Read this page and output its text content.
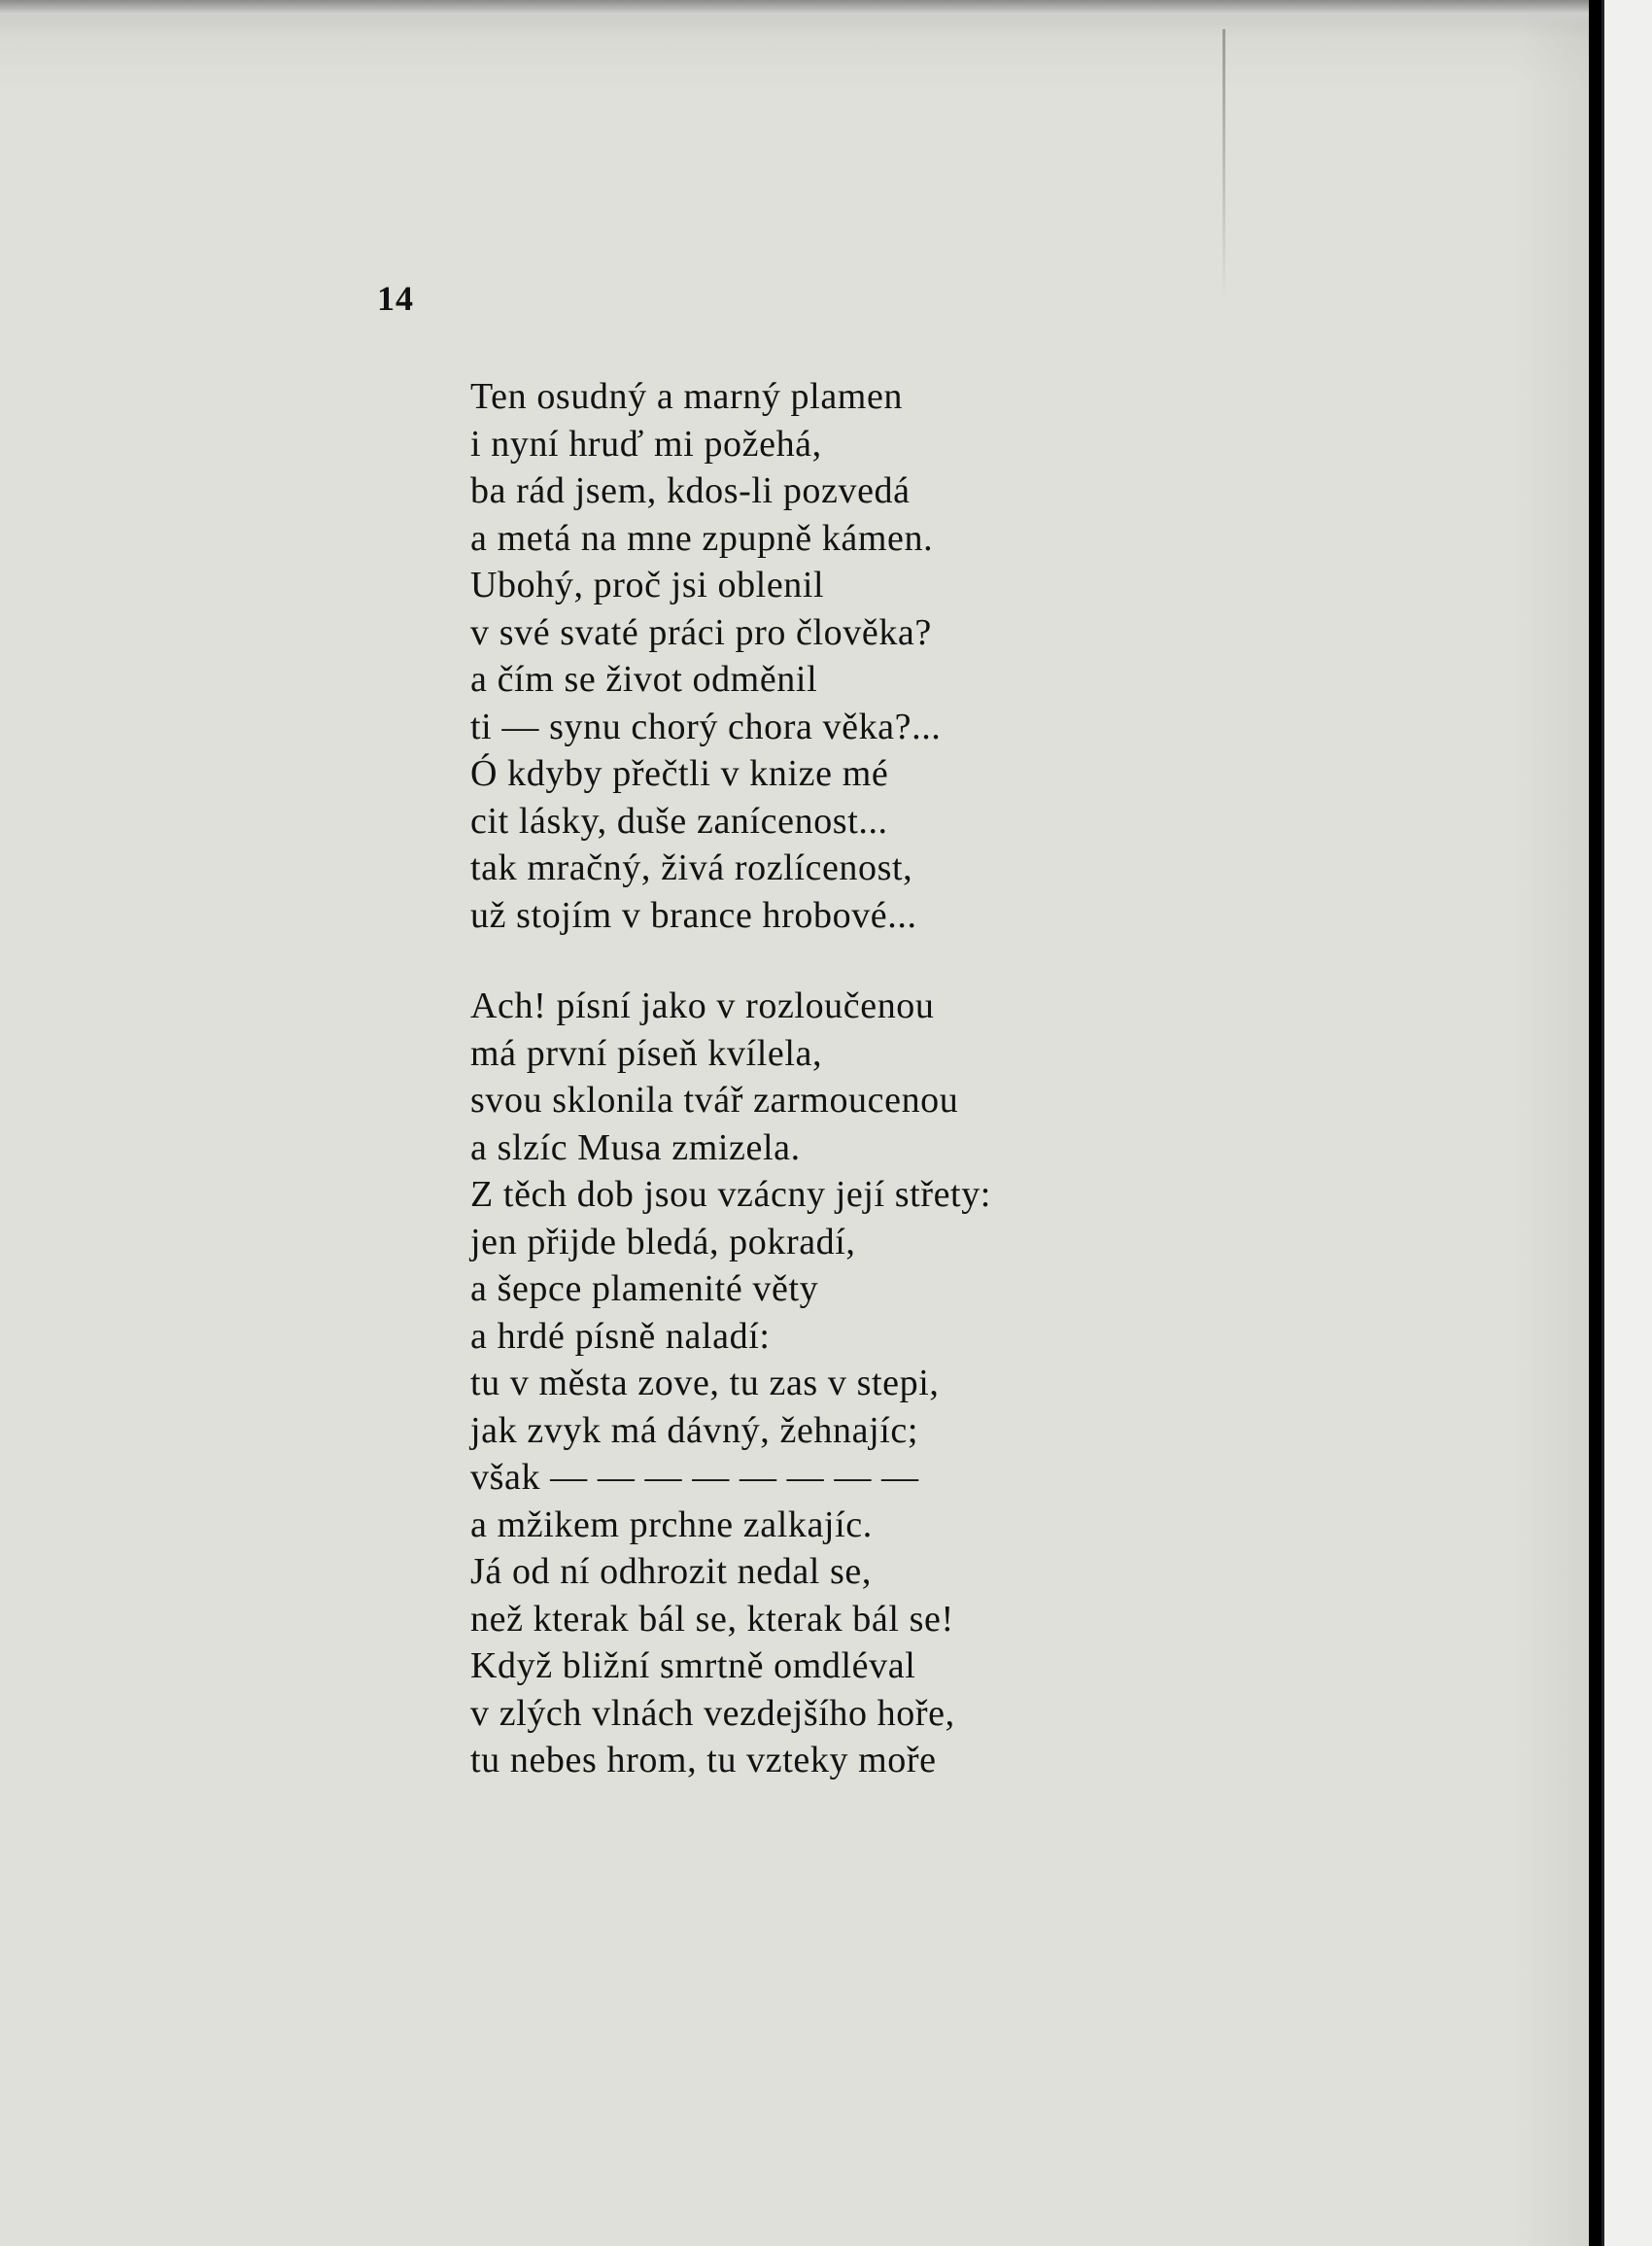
14
Ten osudný a marný plamen
i nyní hruď mi požehá,
ba rád jsem, kdos-li pozvedá
a metá na mne zpupně kámen.
Ubohý, proč jsi oblenil
v své svaté práci pro člověka?
a čím se život odměnil
ti — synu chorý chora věka?...
Ó kdyby přečtli v knize mé
cit lásky, duše zanícenost...
tak mračný, živá rozlícenost,
už stojím v brance hrobové...
Ach! písní jako v rozloučenou
má první píseň kvílela,
svou sklonila tvář zarmoucenou
a slzíc Musa zmizela.
Z těch dob jsou vzácny její střety:
jen přijde bledá, pokradí,
a šepce plamenité věty
a hrdé písně naladí:
tu v města zove, tu zas v stepi,
jak zvyk má dávný, žehnajíc;
však — — — — — — — —
a mžikem prchne zalkajíc.
Já od ní odhrozit nedal se,
než kterak bál se, kterak bál se!
Když bližní smrtně omdléval
v zlých vlnách vezdejšího hoře,
tu nebes hrom, tu vzteky moře
